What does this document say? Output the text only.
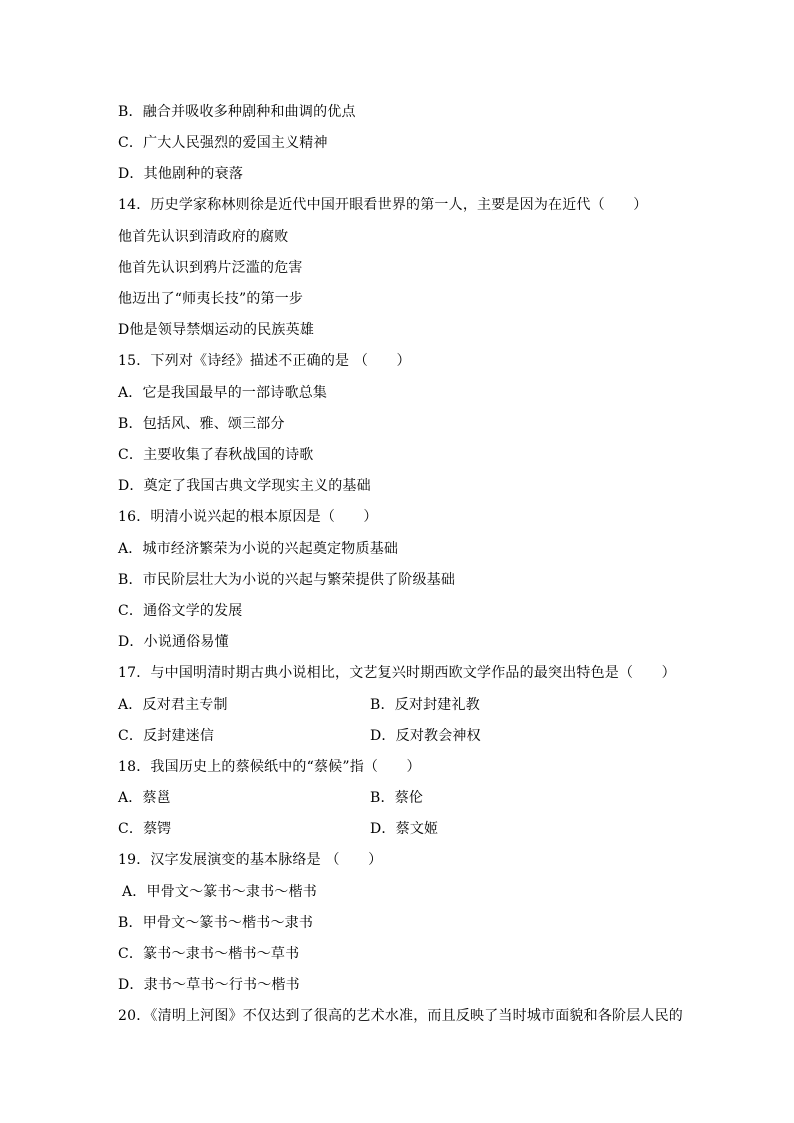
B．融合并吸收多种剧种和曲调的优点
C．广大人民强烈的爱国主义精神
D．其他剧种的衰落
14．历史学家称林则徐是近代中国开眼看世界的第一人，主要是因为在近代（　　）
他首先认识到清政府的腐败
他首先认识到鸦片泛滥的危害
他迈出了“师夷长技”的第一步
D他是领导禁烟运动的民族英雄
15．下列对《诗经》描述不正确的是 （　　）
A．它是我国最早的一部诗歌总集
B．包括风、雅、颂三部分
C．主要收集了春秋战国的诗歌
D．奠定了我国古典文学现实主义的基础
16．明清小说兴起的根本原因是（　　）
A．城市经济繁荣为小说的兴起奠定物质基础
B．市民阶层壮大为小说的兴起与繁荣提供了阶级基础
C．通俗文学的发展
D．小说通俗易懂
17．与中国明清时期古典小说相比，文艺复兴时期西欧文学作品的最突出特色是（　　）
A．反对君主专制	B．反对封建礼教
C．反封建迷信	D．反对教会神权
18．我国历史上的蔡候纸中的“蔡候”指（　　）
A．蔡邕	B．蔡伦
C．蔡锷	D．蔡文姬
19．汉字发展演变的基本脉络是 （　　）
A．甲骨文～篆书～隶书～楷书
B．甲骨文～篆书～楷书～隶书
C．篆书～隶书～楷书～草书
D．隶书～草书～行书～楷书
20．《清明上河图》不仅达到了很高的艺术水准，而且反映了当时城市面貌和各阶层人民的
